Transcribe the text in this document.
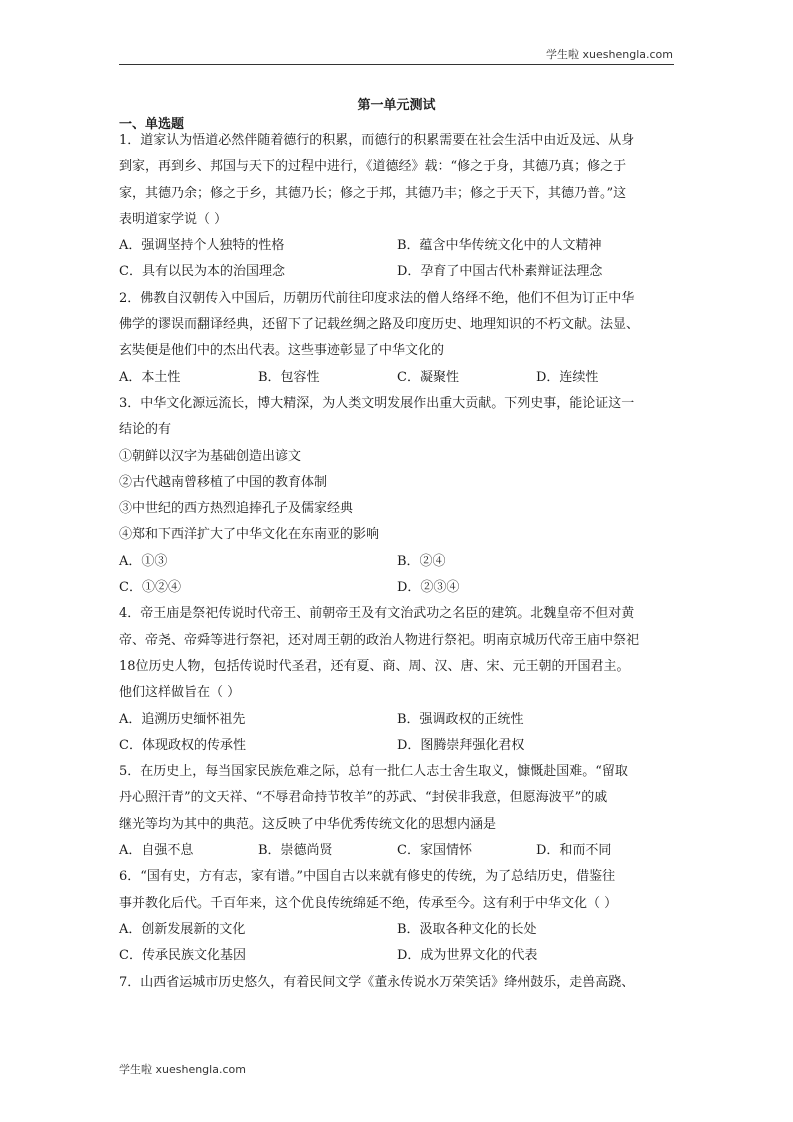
学生啦 xueshengla.com
第一单元测试
一、单选题
1．道家认为悟道必然伴随着德行的积累，而德行的积累需要在社会生活中由近及远、从身
到家，再到乡、邦国与天下的过程中进行，《道德经》载：“修之于身，其德乃真；修之于
家，其德乃余；修之于乡，其德乃长；修之于邦，其德乃丰；修之于天下，其德乃普。”这
表明道家学说（ ）
A．强调坚持个人独特的性格	B．蕴含中华传统文化中的人文精神
C．具有以民为本的治国理念	D．孕育了中国古代朴素辩证法理念
2．佛教自汉朝传入中国后，历朝历代前往印度求法的僧人络绎不绝，他们不但为订正中华
佛学的谬误而翻译经典，还留下了记载丝绸之路及印度历史、地理知识的不朽文献。法显、
玄奘便是他们中的杰出代表。这些事迹彰显了中华文化的
A．本土性	B．包容性	C．凝聚性	D．连续性
3．中华文化源远流长，博大精深，为人类文明发展作出重大贡献。下列史事，能论证这一
结论的有
①朝鲜以汉字为基础创造出谚文
②古代越南曾移植了中国的教育体制
③中世纪的西方热烈追捧孔子及儒家经典
④郑和下西洋扩大了中华文化在东南亚的影响
A．①③	B．②④
C．①②④	D．②③④
4．帝王庙是祭祀传说时代帝王、前朝帝王及有文治武功之名臣的建筑。北魏皇帝不但对黄
帝、帝尧、帝舜等进行祭祀，还对周王朝的政治人物进行祭祀。明南京城历代帝王庙中祭祀
18位历史人物，包括传说时代圣君，还有夏、商、周、汉、唐、宋、元王朝的开国君主。
他们这样做旨在（ ）
A．追溯历史缅怀祖先	B．强调政权的正统性
C．体现政权的传承性	D．图腾崇拜强化君权
5．在历史上，每当国家民族危难之际，总有一批仁人志士舍生取义，慷慨赴国难。“留取
丹心照汗青”的文天祥、“不辱君命持节牧羊”的苏武、“封侯非我意，但愿海波平”的戚
继光等均为其中的典范。这反映了中华优秀传统文化的思想内涵是
A．自强不息	B．崇德尚贤	C．家国情怀	D．和而不同
6．“国有史，方有志，家有谱。”中国自古以来就有修史的传统，为了总结历史，借鉴往
事并教化后代。千百年来，这个优良传统绵延不绝，传承至今。这有利于中华文化（ ）
A．创新发展新的文化	B．汲取各种文化的长处
C．传承民族文化基因	D．成为世界文化的代表
7．山西省运城市历史悠久，有着民间文学《董永传说水万荣笑话》绛州鼓乐，走兽高跷、
学生啦 xueshengla.com
